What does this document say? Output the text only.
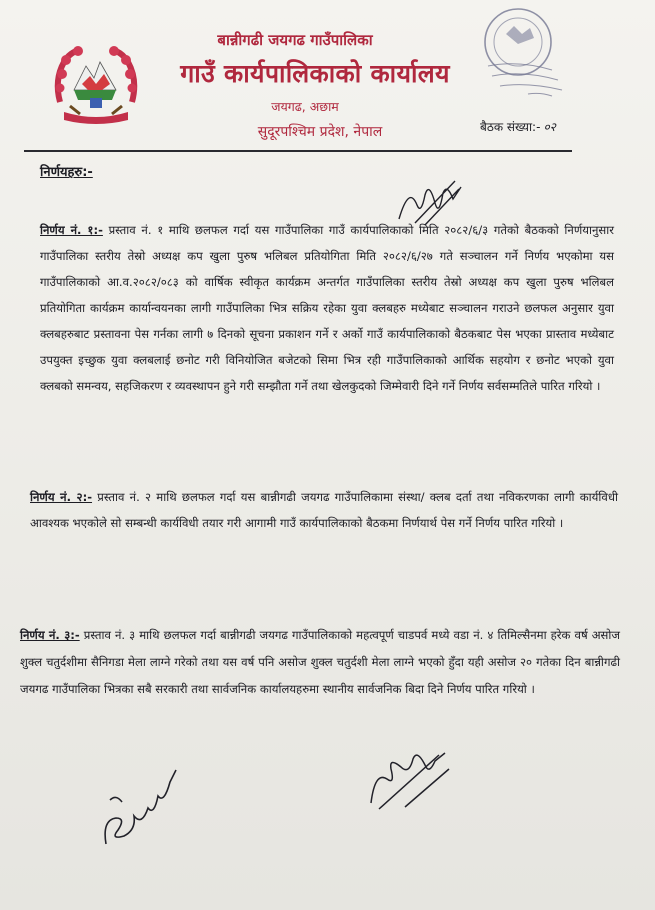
बान्नीगढी जयगढ गाउँपालिका
गाउँ कार्यपालिकाको कार्यालय
जयगढ, अछाम
सुदूरपश्चिम प्रदेश, नेपाल	बैठक संख्या:- ०२
निर्णयहरु:-
निर्णय नं. १:- प्रस्ताव नं. १ माथि छलफल गर्दा यस गाउँपालिका गाउँ कार्यपालिकाको मिति २०८२/६/३ गतेको बैठकको निर्णयानुसार गाउँपालिका स्तरीय तेस्रो अध्यक्ष कप खुला पुरुष भलिबल प्रतियोगिता मिति २०८२/६/२७ गते सञ्चालन गर्ने निर्णय भएकोमा यस गाउँपालिकाको आ.व.२०८२/०८३ को वार्षिक स्वीकृत कार्यक्रम अन्तर्गत गाउँपालिका स्तरीय तेस्रो अध्यक्ष कप खुला पुरुष भलिबल प्रतियोगिता कार्यक्रम कार्यान्वयनका लागी गाउँपालिका भित्र सक्रिय रहेका युवा क्लबहरु मध्येबाट सञ्चालन गराउने छलफल अनुसार युवा क्लबहरुबाट प्रस्तावना पेस गर्नका लागी ७ दिनको सूचना प्रकाशन गर्ने र अर्को गाउँ कार्यपालिकाको बैठकबाट पेस भएका प्रास्ताव मध्येबाट उपयुक्त इच्छुक युवा क्लबलाई छनोट गरी विनियोजित बजेटको सिमा भित्र रही गाउँपालिकाको आर्थिक सहयोग र छनोट भएको युवा क्लबको समन्वय, सहजिकरण र व्यवस्थापन हुने गरी सम्झौता गर्ने तथा खेलकुदको जिम्मेवारी दिने गर्ने निर्णय सर्वसम्मतिले पारित गरियो ।
निर्णय नं. २:- प्रस्ताव नं. २ माथि छलफल गर्दा यस बान्नीगढी जयगढ गाउँपालिकामा संस्था/ क्लब दर्ता तथा नविकरणका लागी कार्यविधी आवश्यक भएकोले सो सम्बन्धी कार्यविधी तयार गरी आगामी गाउँ कार्यपालिकाको बैठकमा निर्णयार्थ पेस गर्ने निर्णय पारित गरियो ।
निर्णय नं. ३:- प्रस्ताव नं. ३ माथि छलफल गर्दा बान्नीगढी जयगढ गाउँपालिकाको महत्वपूर्ण चाडपर्व मध्ये वडा नं. ४ तिमिल्सैनमा हरेक वर्ष असोज शुक्ल चतुर्दशीमा सैनिगडा मेला लाग्ने गरेको तथा यस वर्ष पनि असोज शुक्ल चतुर्दशी मेला लाग्ने भएको हुँदा यही असोज २० गतेका दिन बान्नीगढी जयगढ गाउँपालिका भित्रका सबै सरकारी तथा सार्वजनिक कार्यालयहरुमा स्थानीय सार्वजनिक बिदा दिने निर्णय पारित गरियो ।
